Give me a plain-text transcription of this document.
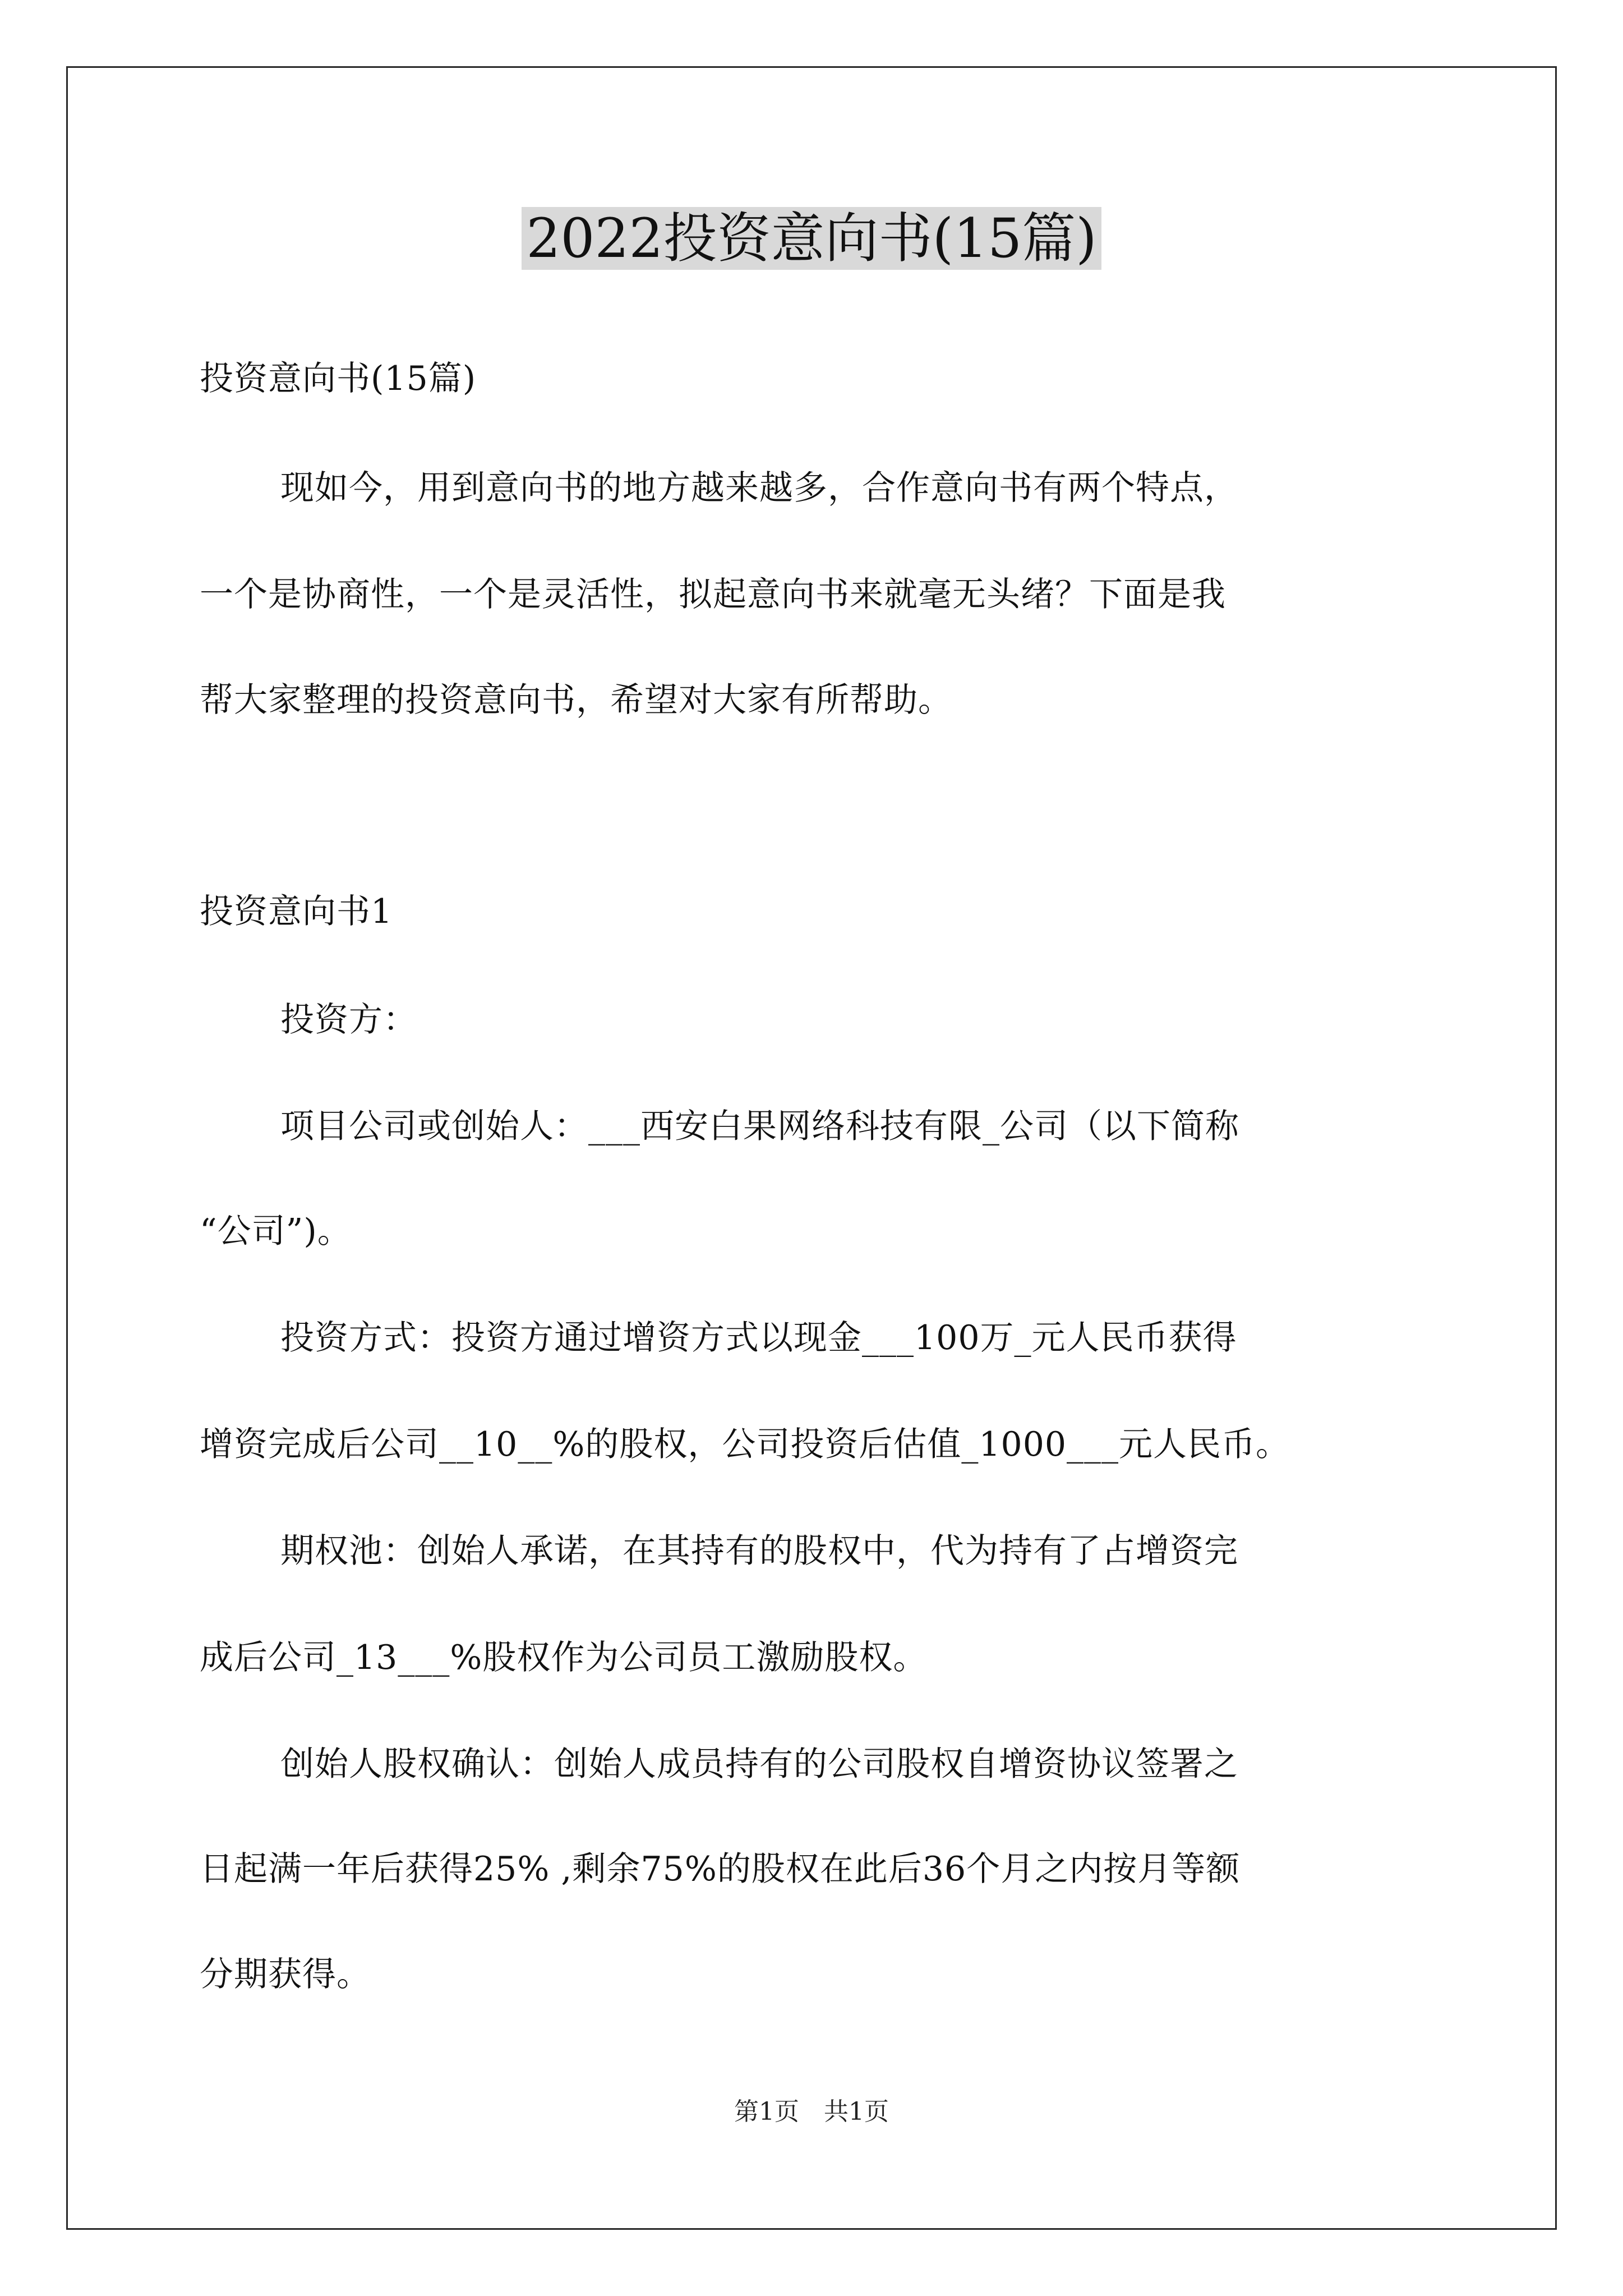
2022投资意向书(15篇)
投资意向书(15篇)
现如今，用到意向书的地方越来越多，合作意向书有两个特点，
一个是协商性，一个是灵活性，拟起意向书来就毫无头绪？下面是我
帮大家整理的投资意向书，希望对大家有所帮助。
投资意向书1
投资方：
项目公司或创始人：___西安白果网络科技有限_公司（以下简称
“公司”)。
投资方式：投资方通过增资方式以现金___100万_元人民币获得
增资完成后公司__10__%的股权，公司投资后估值_1000___元人民币。
期权池：创始人承诺，在其持有的股权中，代为持有了占增资完
成后公司_13___%股权作为公司员工激励股权。
创始人股权确认：创始人成员持有的公司股权自增资协议签署之
日起满一年后获得25% ,剩余75%的股权在此后36个月之内按月等额
分期获得。
第1页　共1页
